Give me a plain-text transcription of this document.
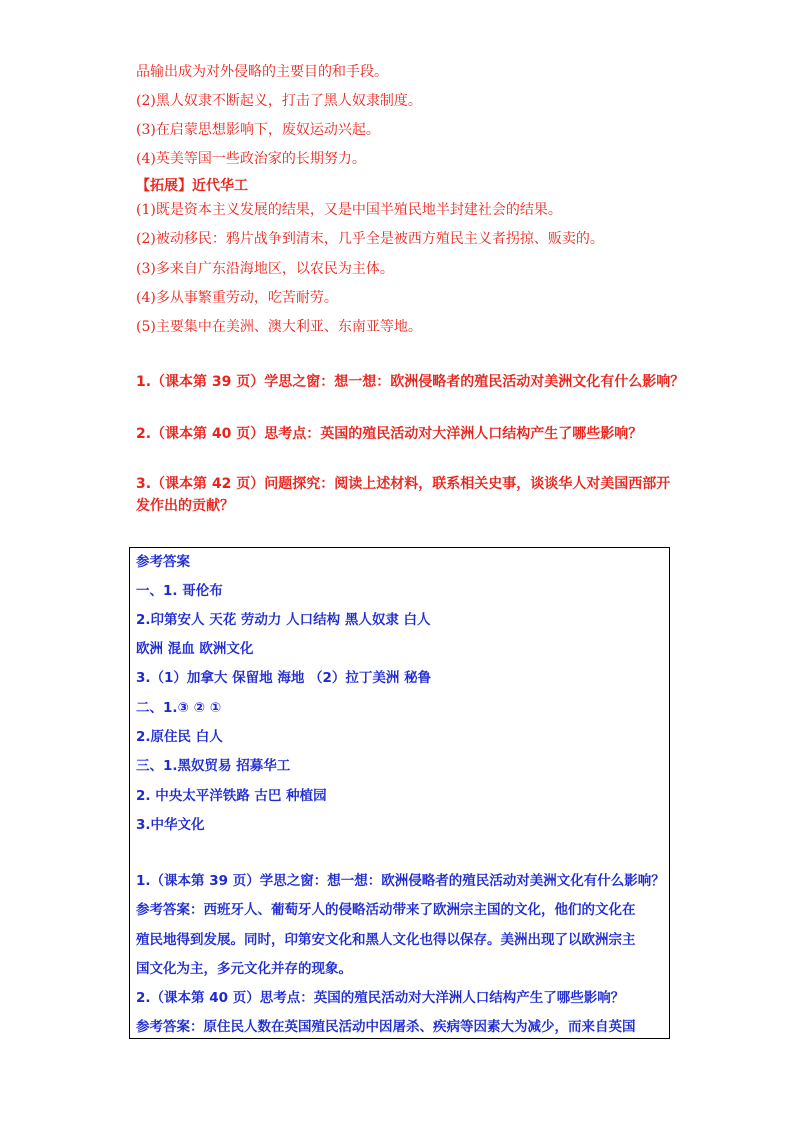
品输出成为对外侵略的主要目的和手段。
(2)黑人奴隶不断起义，打击了黑人奴隶制度。
(3)在启蒙思想影响下，废奴运动兴起。
(4)英美等国一些政治家的长期努力。
【拓展】近代华工
(1)既是资本主义发展的结果，又是中国半殖民地半封建社会的结果。
(2)被动移民：鸦片战争到清末，几乎全是被西方殖民主义者拐掠、贩卖的。
(3)多来自广东沿海地区，以农民为主体。
(4)多从事繁重劳动，吃苦耐劳。
(5)主要集中在美洲、澳大利亚、东南亚等地。
1.（课本第 39 页）学思之窗：想一想：欧洲侵略者的殖民活动对美洲文化有什么影响？
2.（课本第 40 页）思考点：英国的殖民活动对大洋洲人口结构产生了哪些影响？
3.（课本第 42 页）问题探究：阅读上述材料，联系相关史事，谈谈华人对美国西部开
发作出的贡献？
参考答案
一、1. 哥伦布
2.印第安人 天花 劳动力 人口结构 黑人奴隶 白人
欧洲 混血 欧洲文化
3.（1）加拿大 保留地 海地 （2）拉丁美洲 秘鲁
二、1.③ ② ①
2.原住民 白人
三、1.黑奴贸易 招募华工
2. 中央太平洋铁路 古巴 种植园
3.中华文化
1.（课本第 39 页）学思之窗：想一想：欧洲侵略者的殖民活动对美洲文化有什么影响？
参考答案：西班牙人、葡萄牙人的侵略活动带来了欧洲宗主国的文化，他们的文化在
殖民地得到发展。同时，印第安文化和黑人文化也得以保存。美洲出现了以欧洲宗主
国文化为主，多元文化并存的现象。
2.（课本第 40 页）思考点：英国的殖民活动对大洋洲人口结构产生了哪些影响？
参考答案：原住民人数在英国殖民活动中因屠杀、疾病等因素大为减少，而来自英国
